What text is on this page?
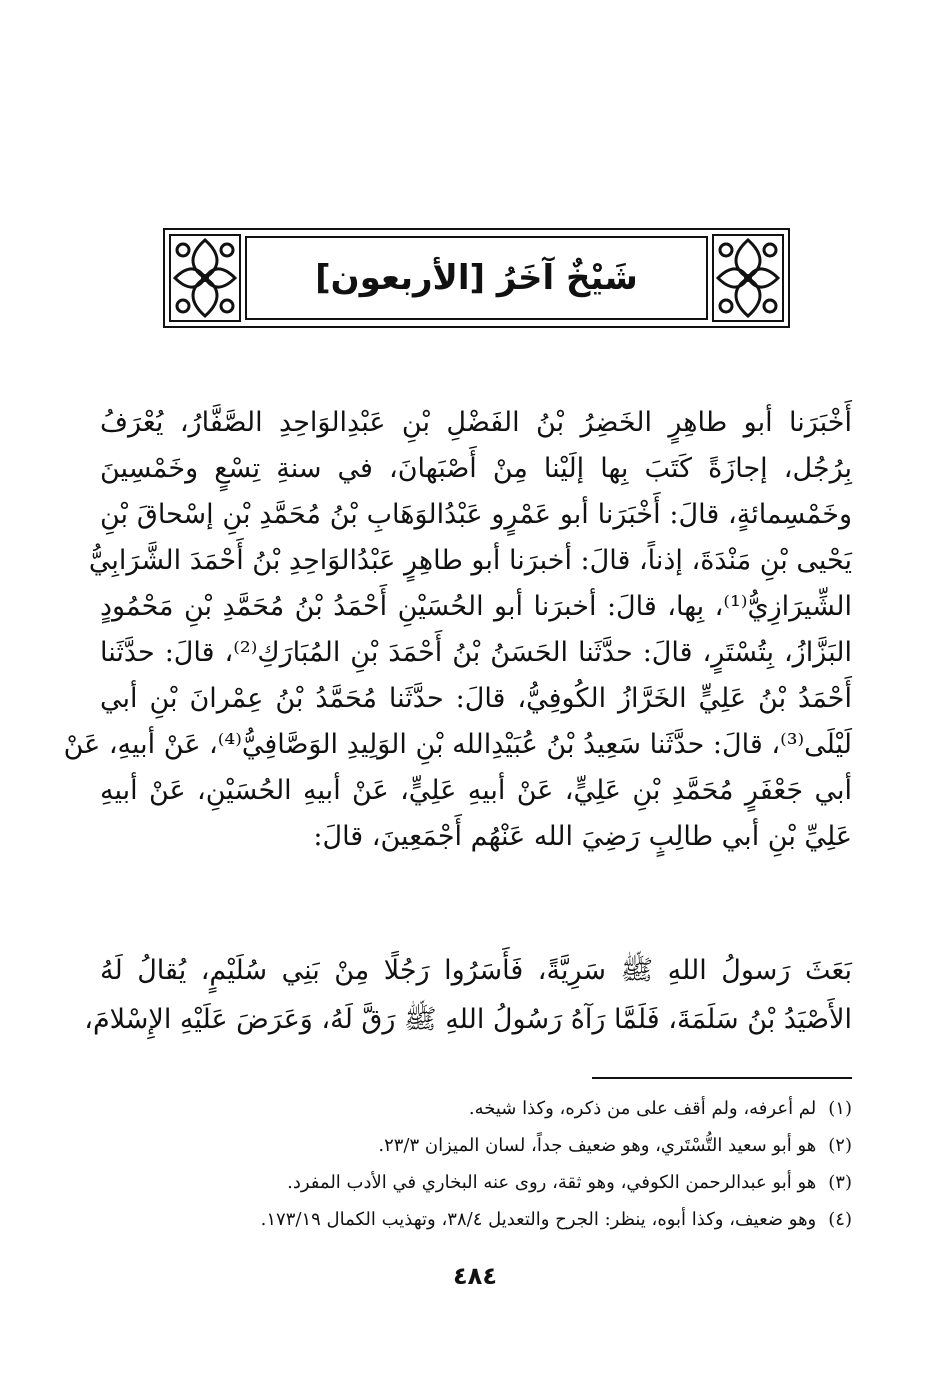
شَيْخٌ آخَرُ [الأربعون]
أَخْبَرَنا أبو طاهِرٍ الخَضِرُ بْنُ الفَضْلِ بْنِ عَبْدِالوَاحِدِ الصَّفَّارُ، يُعْرَفُ
بِرُجُل، إجازَةً كَتَبَ بِها إلَيْنا مِنْ أَصْبَهانَ، في سنةِ تِسْعٍ وخَمْسِينَ
وخَمْسِمائةٍ، قالَ: أَخْبَرَنا أبو عَمْرٍو عَبْدُالوَهَابِ بْنُ مُحَمَّدِ بْنِ إسْحاقَ بْنِ
يَحْيى بْنِ مَنْدَةَ، إذناً، قالَ: أخبرَنا أبو طاهِرٍ عَبْدُالوَاحِدِ بْنُ أَحْمَدَ الشَّرَابِيُّ
الشِّيرَازِيُّ⁽¹⁾، بِها، قالَ: أخبرَنا أبو الحُسَيْنِ أَحْمَدُ بْنُ مُحَمَّدِ بْنِ مَحْمُودٍ
البَزَّازُ، بِتُسْتَرٍ، قالَ: حدَّثَنا الحَسَنُ بْنُ أَحْمَدَ بْنِ المُبَارَكِ⁽²⁾، قالَ: حدَّثَنا
أَحْمَدُ بْنُ عَلِيٍّ الخَرَّازُ الكُوفِيُّ، قالَ: حدَّثَنا مُحَمَّدُ بْنُ عِمْرانَ بْنِ أبي
لَيْلَى⁽³⁾، قالَ: حدَّثَنا سَعِيدُ بْنُ عُبَيْدِالله بْنِ الوَلِيدِ الوَصَّافِيُّ⁽⁴⁾، عَنْ أبيهِ، عَنْ
أبي جَعْفَرٍ مُحَمَّدِ بْنِ عَلِيٍّ، عَنْ أبيهِ عَلِيٍّ، عَنْ أبيهِ الحُسَيْنِ، عَنْ أبيهِ
عَلِيِّ بْنِ أبي طالِبٍ رَضِيَ الله عَنْهُم أَجْمَعِينَ، قالَ:
بَعَثَ رَسولُ اللهِ ﷺ سَرِيَّةً، فَأَسَرُوا رَجُلًا مِنْ بَنِي سُلَيْمٍ، يُقالُ لَهُ
الأَصْيَدُ بْنُ سَلَمَةَ، فَلَمَّا رَآهُ رَسُولُ اللهِ ﷺ رَقَّ لَهُ، وَعَرَضَ عَلَيْهِ الإِسْلامَ،
(١)لم أعرفه، ولم أقف على من ذكره، وكذا شيخه.
(٢)هو أبو سعيد التُّسْتَري، وهو ضعيف جداً، لسان الميزان ٢٣/٣.
(٣)هو أبو عبدالرحمن الكوفي، وهو ثقة، روى عنه البخاري في الأدب المفرد.
(٤)وهو ضعيف، وكذا أبوه، ينظر: الجرح والتعديل ٣٨/٤، وتهذيب الكمال ١٧٣/١٩.
٤٨٤
